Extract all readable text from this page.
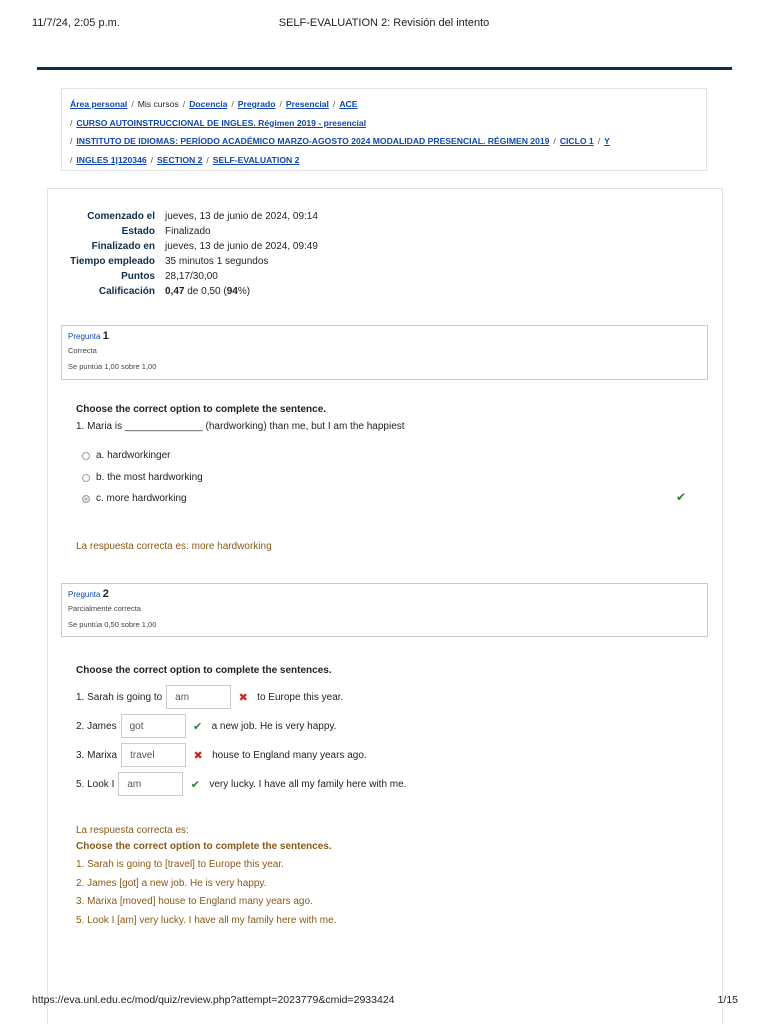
11/7/24, 2:05 p.m.	SELF-EVALUATION 2: Revisión del intento
Área personal / Mis cursos / Docencia / Pregrado / Presencial / ACE
/ CURSO AUTOINSTRUCCIONAL DE INGLES. Régimen 2019 - presencial
/ INSTITUTO DE IDIOMAS: PERÍODO ACADÉMICO MARZO-AGOSTO 2024 MODALIDAD PRESENCIAL. RÉGIMEN 2019 / CICLO 1 / Y
/ INGLES 1|120346 / SECTION 2 / SELF-EVALUATION 2
Comenzado el	jueves, 13 de junio de 2024, 09:14
Estado	Finalizado
Finalizado en	jueves, 13 de junio de 2024, 09:49
Tiempo empleado	35 minutos 1 segundos
Puntos	28,17/30,00
Calificación	0,47 de 0,50 (94%)
Pregunta 1
Correcta
Se puntúa 1,00 sobre 1,00
Choose the correct option to complete the sentence.
1. Maria is ______________ (hardworking) than me, but I am the happiest
a. hardworkinger
b. the most hardworking
c. more hardworking	✔
La respuesta correcta es: more hardworking
Pregunta 2
Parcialmente correcta
Se puntúa 0,50 sobre 1,00
Choose the correct option to complete the sentences.
1. Sarah is going to	am	✖ to Europe this year.
2. James	got	✔ a new job. He is very happy.
3. Marixa	travel	✖ house to England many years ago.
5. Look I	am	✔ very lucky. I have all my family here with me.
La respuesta correcta es:
Choose the correct option to complete the sentences.
1. Sarah is going to [travel] to Europe this year.
2. James [got] a new job. He is very happy.
3. Marixa [moved] house to England many years ago.
5. Look I [am] very lucky. I have all my family here with me.
https://eva.unl.edu.ec/mod/quiz/review.php?attempt=2023779&cmid=2933424	1/15
